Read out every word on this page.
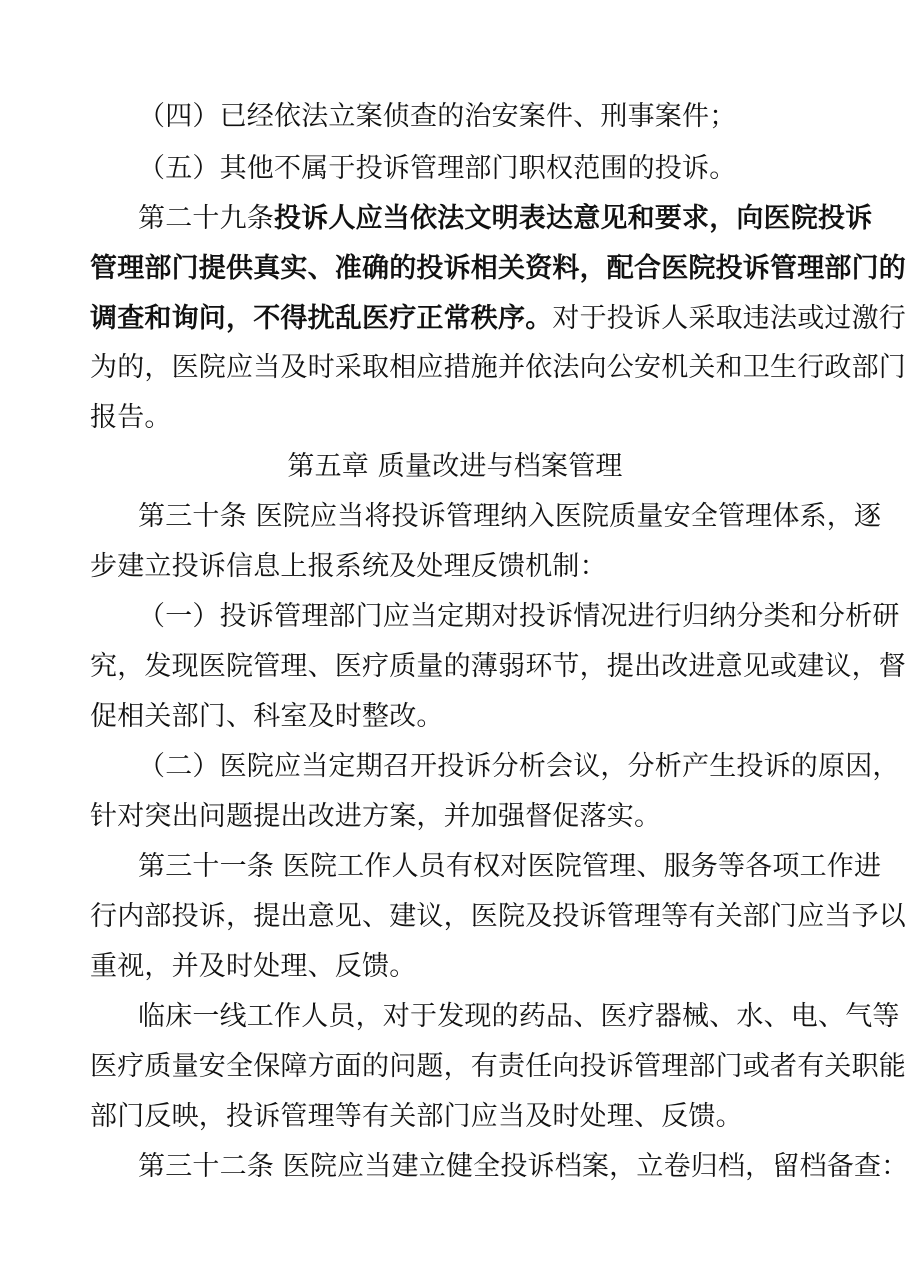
（四）已经依法立案侦查的治安案件、刑事案件；
（五）其他不属于投诉管理部门职权范围的投诉。
第二十九条投诉人应当依法文明表达意见和要求，向医院投诉
管理部门提供真实、准确的投诉相关资料，配合医院投诉管理部门的
调查和询问，不得扰乱医疗正常秩序。对于投诉人采取违法或过激行
为的，医院应当及时采取相应措施并依法向公安机关和卫生行政部门
报告。
第五章 质量改进与档案管理
第三十条 医院应当将投诉管理纳入医院质量安全管理体系，逐
步建立投诉信息上报系统及处理反馈机制：
（一）投诉管理部门应当定期对投诉情况进行归纳分类和分析研
究，发现医院管理、医疗质量的薄弱环节，提出改进意见或建议，督
促相关部门、科室及时整改。
（二）医院应当定期召开投诉分析会议，分析产生投诉的原因，
针对突出问题提出改进方案，并加强督促落实。
第三十一条 医院工作人员有权对医院管理、服务等各项工作进
行内部投诉，提出意见、建议，医院及投诉管理等有关部门应当予以
重视，并及时处理、反馈。
临床一线工作人员，对于发现的药品、医疗器械、水、电、气等
医疗质量安全保障方面的问题，有责任向投诉管理部门或者有关职能
部门反映，投诉管理等有关部门应当及时处理、反馈。
第三十二条 医院应当建立健全投诉档案，立卷归档，留档备查：
